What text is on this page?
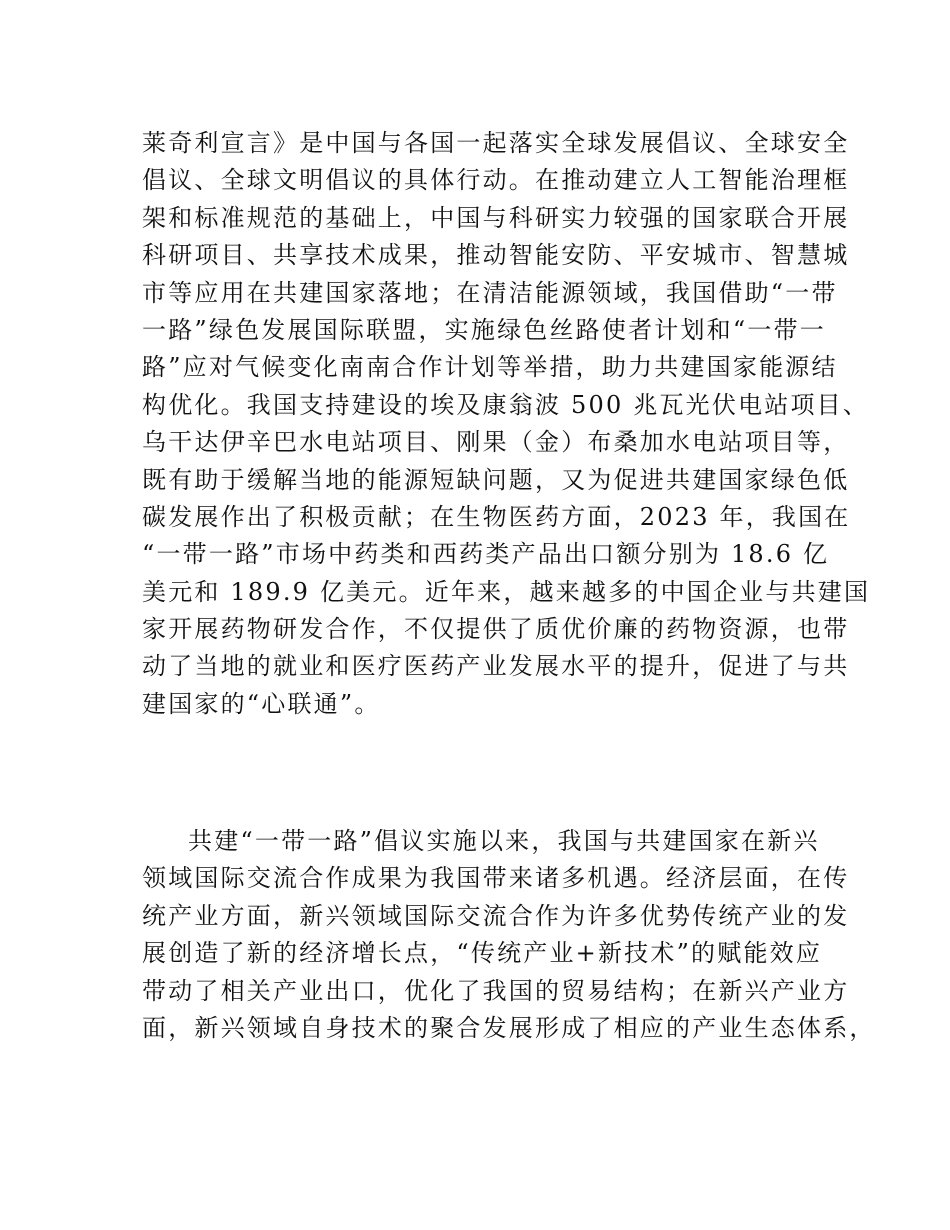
莱奇利宣言》是中国与各国一起落实全球发展倡议、全球安全
倡议、全球文明倡议的具体行动。在推动建立人工智能治理框
架和标准规范的基础上，中国与科研实力较强的国家联合开展
科研项目、共享技术成果，推动智能安防、平安城市、智慧城
市等应用在共建国家落地；在清洁能源领域，我国借助“一带
一路”绿色发展国际联盟，实施绿色丝路使者计划和“一带一
路”应对气候变化南南合作计划等举措，助力共建国家能源结
构优化。我国支持建设的埃及康翁波 500 兆瓦光伏电站项目、
乌干达伊辛巴水电站项目、刚果（金）布桑加水电站项目等，
既有助于缓解当地的能源短缺问题，又为促进共建国家绿色低
碳发展作出了积极贡献；在生物医药方面，2023 年，我国在
“一带一路”市场中药类和西药类产品出口额分别为 18.6 亿
美元和 189.9 亿美元。近年来，越来越多的中国企业与共建国
家开展药物研发合作，不仅提供了质优价廉的药物资源，也带
动了当地的就业和医疗医药产业发展水平的提升，促进了与共
建国家的“心联通”。
共建“一带一路”倡议实施以来，我国与共建国家在新兴
领域国际交流合作成果为我国带来诸多机遇。经济层面，在传
统产业方面，新兴领域国际交流合作为许多优势传统产业的发
展创造了新的经济增长点，“传统产业+新技术”的赋能效应
带动了相关产业出口，优化了我国的贸易结构；在新兴产业方
面，新兴领域自身技术的聚合发展形成了相应的产业生态体系，
